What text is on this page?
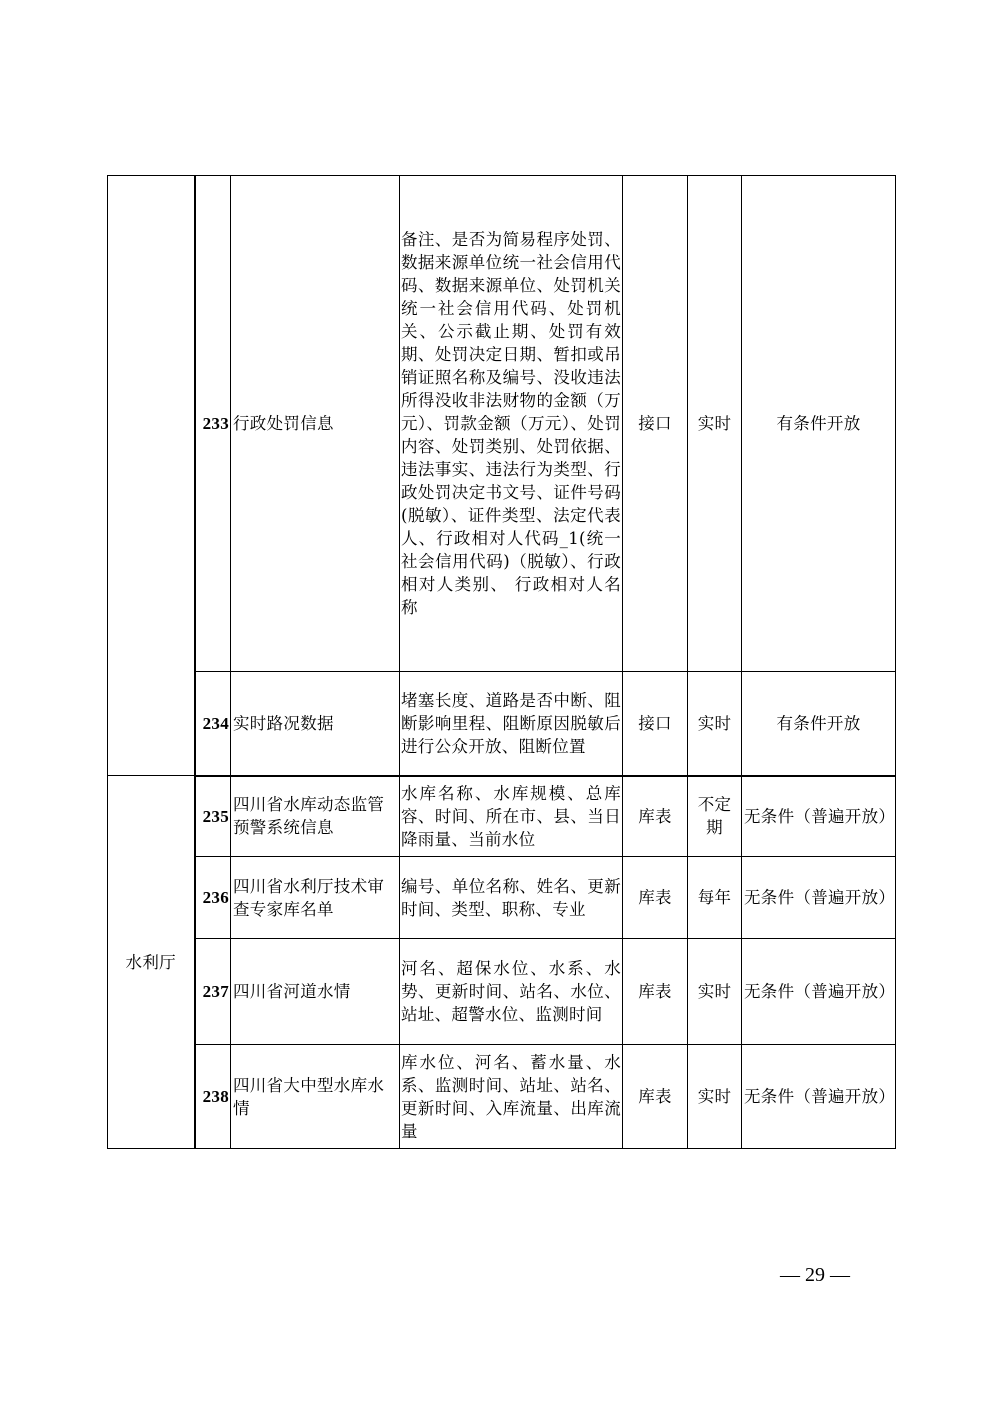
	233	行政处罚信息	备注、是否为简易程序处罚、数据来源单位统一社会信用代码、数据来源单位、处罚机关统一社会信用代码、处罚机关、公示截止期、处罚有效期、处罚决定日期、暂扣或吊销证照名称及编号、没收违法所得没收非法财物的金额（万元）、罚款金额（万元）、处罚内容、处罚类别、处罚依据、违法事实、违法行为类型、行政处罚决定书文号、证件号码(脱敏）、证件类型、法定代表人、行政相对人代码_1(统一社会信用代码)（脱敏）、行政相对人类别、 行政相对人名称	接口	实时	有条件开放
	234	实时路况数据	堵塞长度、道路是否中断、阻断影响里程、阻断原因脱敏后进行公众开放、阻断位置	接口	实时	有条件开放
水利厅	235	四川省水库动态监管预警系统信息	水库名称、水库规模、总库容、时间、所在市、县、当日降雨量、当前水位	库表	不定期	无条件（普遍开放）
	236	四川省水利厅技术审查专家库名单	编号、单位名称、姓名、更新时间、类型、职称、专业	库表	每年	无条件（普遍开放）
	237	四川省河道水情	河名、超保水位、水系、水势、更新时间、站名、水位、站址、超警水位、监测时间	库表	实时	无条件（普遍开放）
	238	四川省大中型水库水情	库水位、河名、蓄水量、水系、监测时间、站址、站名、更新时间、入库流量、出库流量	库表	实时	无条件（普遍开放）
— 29 —
